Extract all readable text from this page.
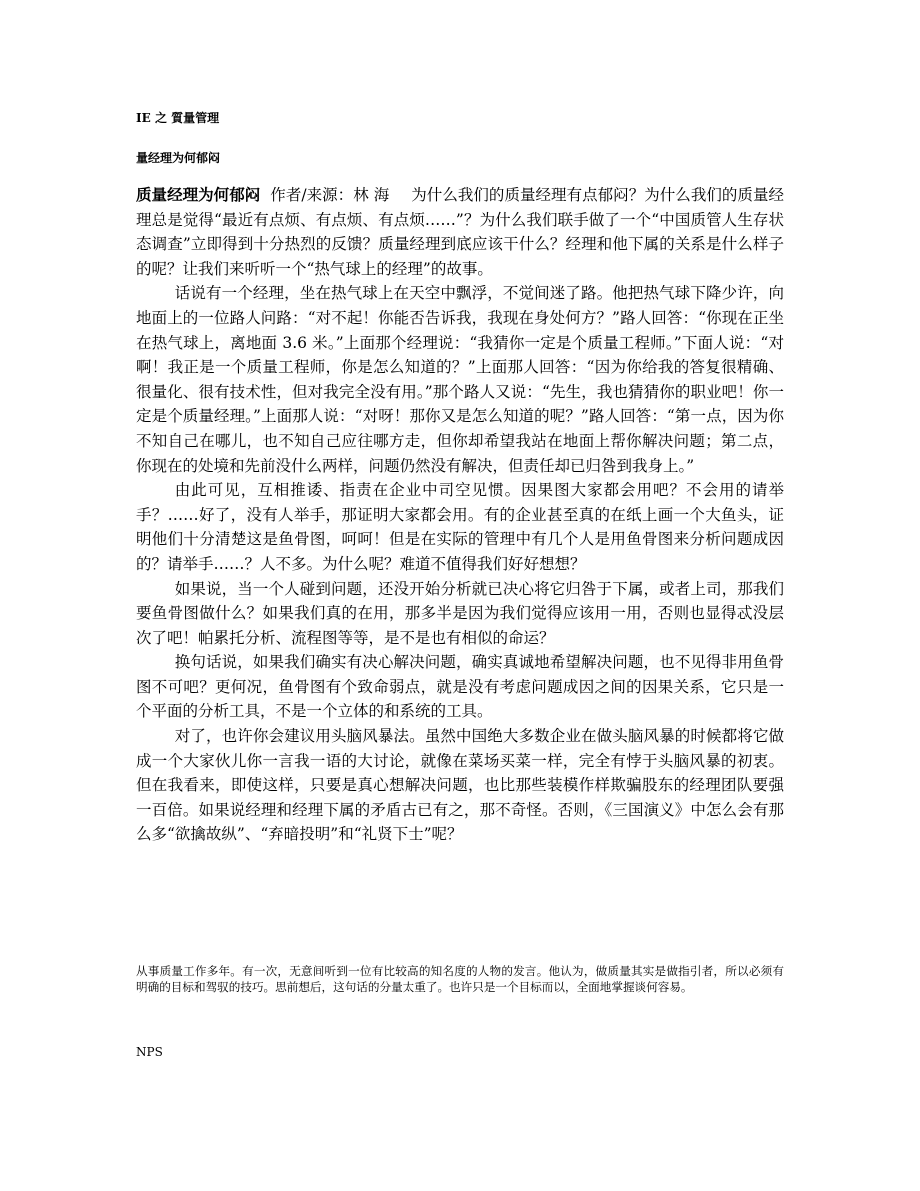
IE 之 質量管理
量经理为何郁闷

质量经理为何郁闷 作者/来源：林 海 为什么我们的质量经理有点郁闷？为什么我们的质量经理总是觉得“最近有点烦、有点烦、有点烦……”？为什么我们联手做了一个“中国质管人生存状态调查”立即得到十分热烈的反馈？质量经理到底应该干什么？经理和他下属的关系是什么样子的呢？让我们来听听一个“热气球上的经理”的故事。

话说有一个经理，坐在热气球上在天空中飘浮，不觉间迷了路。他把热气球下降少许，向地面上的一位路人问路：“对不起！你能否告诉我，我现在身处何方？”路人回答：“你现在正坐在热气球上，离地面 3.6 米。”上面那个经理说：“我猜你一定是个质量工程师。”下面人说：“对啊！我正是一个质量工程师，你是怎么知道的？”上面那人回答：“因为你给我的答复很精确、很量化、很有技术性，但对我完全没有用。”那个路人又说：“先生，我也猜猜你的职业吧！你一定是个质量经理。”上面那人说：“对呀！那你又是怎么知道的呢？”路人回答：“第一点，因为你不知自己在哪儿，也不知自己应往哪方走，但你却希望我站在地面上帮你解决问题；第二点，你现在的处境和先前没什么两样，问题仍然没有解决，但责任却已归咎到我身上。”

由此可见，互相推诿、指责在企业中司空见惯。因果图大家都会用吧？不会用的请举手？……好了，没有人举手，那证明大家都会用。有的企业甚至真的在纸上画一个大鱼头，证明他们十分清楚这是鱼骨图，呵呵！但是在实际的管理中有几个人是用鱼骨图来分析问题成因的？请举手……？人不多。为什么呢？难道不值得我们好好想想？

如果说，当一个人碰到问题，还没开始分析就已决心将它归咎于下属，或者上司，那我们要鱼骨图做什么？如果我们真的在用，那多半是因为我们觉得应该用一用，否则也显得忒没层次了吧！帕累托分析、流程图等等，是不是也有相似的命运？

换句话说，如果我们确实有决心解决问题，确实真诚地希望解决问题，也不见得非用鱼骨图不可吧？更何况，鱼骨图有个致命弱点，就是没有考虑问题成因之间的因果关系，它只是一个平面的分析工具，不是一个立体的和系统的工具。

对了，也许你会建议用头脑风暴法。虽然中国绝大多数企业在做头脑风暴的时候都将它做成一个大家伙儿你一言我一语的大讨论，就像在菜场买菜一样，完全有悖于头脑风暴的初衷。但在我看来，即使这样，只要是真心想解决问题，也比那些装模作样欺骗股东的经理团队要强一百倍。如果说经理和经理下属的矛盾古已有之，那不奇怪。否则，《三国演义》中怎么会有那么多“欲擒故纵”、“弃暗投明”和“礼贤下士”呢？

从事质量工作多年。有一次，无意间听到一位有比较高的知名度的人物的发言。他认为，做质量其实是做指引者，所以必须有明确的目标和驾驭的技巧。思前想后，这句话的分量太重了。也许只是一个目标而以，全面地掌握谈何容易。

NPS
